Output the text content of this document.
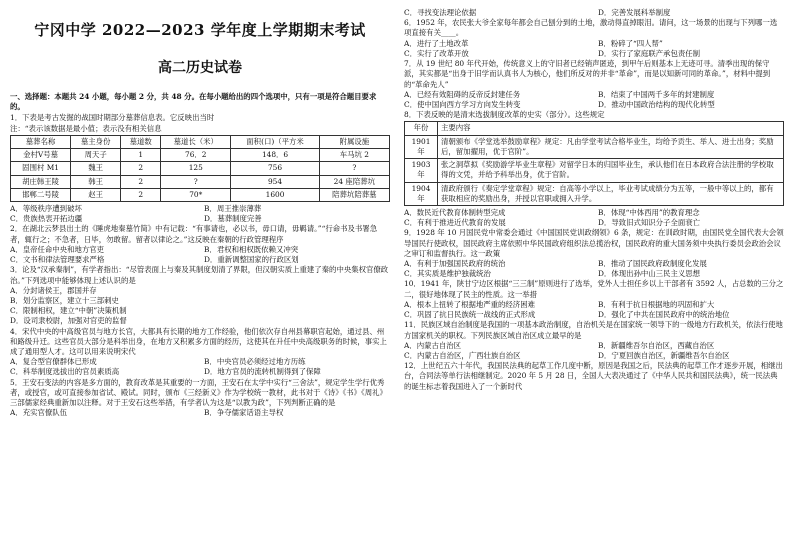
宁冈中学 2022—2023 学年度上学期期末考试
高二历史试卷
一、选择题：本题共 24 小题，每小题 2 分，共 48 分。在每小题给出的四个选项中，只有一项是符合题目要求的。
1．下表是考古发掘的战国时期部分墓葬信息表。它反映出当时
注：“表示该数据是最小值；表示没有相关信息
墓葬名称	墓主身份	墓道数	墓道长（米）	面积(口)（平方米	附属设施
金村Ⅴ号墓	周天子	1	76．2	148．6	车马坑 2
固围村 M1	魏王	2	125	756	?
胡庄韩王陵	韩王	2	?	954	24 座陪葬坑
邯郸二号陵	赵王	2	70*	1600	陪葬坑陪葬墓
A．等级秩序遭到破坏	B．周王推崇薄葬
C．贵族热衷开拓边疆	D．墓葬制度完善
2．在湖北云梦县出土的《睡虎地秦墓竹简》中有记载：“有事请也，必以书，毋口请，毋羁请。”“行命书及书署急者，辄行之；不急者，日毕，勿敢留。留者以律论之。”这反映在秦朝的行政管理程序
A．皇帝任命中央和地方官吏	B．君权和相权既依赖又冲突
C．文书和律法管理要求严格	D．重新调整国家的行政区划
3．论及“汉承秦制”，有学者指出：“尽管表面上与秦及其制度划清了界限，但汉朝实质上重建了秦的中央集权官僚政治。”下列选项中能够体现上述认识的是
A．分封诸侯王，郡国并存
B．划分监察区，建立十三部刺史
C．限制相权，建立“中朝”决策机制
D．设司隶校尉，加强对官吏的监督
4．宋代中央的中高级官员与地方长官，大都具有长期的地方工作经验，他们依次存自州县幕职官起始，通过县、州和路级升迁。这些官员大部分是科举出身，在地方又积累多方面的经历，这使其在升任中央高级职务的时候，事实上成了通用型人才。这可以用来说明宋代
A．复合型官僚群体已形成	B．中央官员必须经过地方历练
C．科举制度选拔出的官员素质高	D．地方官员的流转机制得到了保障
5．王安石变法的内容是多方面的，教育改革是其重要的一方面，王安石在太学中实行“三舍法”，规定学生学行优秀者，或授官，或可直接参加省试、殿试。同时，颁布《三经新义》作为学校统一教材，此书对于《诗》《书》《周礼》三部儒家经典重新加以注释。对于王安石这些举措，有学者认为这是“以教为政”，下列判断正确的是
A．充实官僚队伍	B．争夺儒家话语主导权
C．寻找变法理论依据	D．完善发展科举制度
6．1952 年，农民张大爷全家每年都会自己刨分到的土地，激动得直掉眼泪。请问，这一场景的出现与下列哪一选项直接有关____。
A．进行了土地改革	B．粉碎了“四人帮”
C．实行了改革开放	D．实行了家庭联产承包责任制
7．从 19 世纪 80 年代开始，传统意义上的守旧者已经销声匿迹，到甲午后则基本上无迹可寻。清季出现的保守派，其实都是“出身于旧学而认真书人为核心，他们所反对的并非“革命”，而是以知新可同的革命。”，材料中提到的“革命先人”
A．已经有效阻碍的反帝反封建任务	B．结束了中国两千多年的封建制度
C．使中国向西方学习方向发生转变	D．推动中国政治结构的现代化转型
8．下表反映的是清末选拔制度改革的史实（部分）。这些规定
年份	主要内容
1901 年	清朝颁布《学堂选举鼓励章程》规定：凡由学堂考试合格毕业生，均给予贡生、举人、进士出身；奖励后，留加擢用，优于官阶”。
1903 年	张之洞草拟《奖励游学毕业生章程》对留学日本的归国毕业生，承认他们在日本政府合法注册的学校取得的文凭，并给予科举出身，优于官阶。
1904 年	清政府颁行《奏定学堂章程》规定：自高等小学以上，毕业考试成绩分为五等，一般中等以上的，都有获取相应的奖励出身，并授以官职或拥入升学。
A．数民近代教育体制转型完成	B．体现“中体西用”的教育理念
C．有利于推进近代教育的发展	D．导致旧式知识分子全面衰亡
9．1928 年 10 月国民党中常委会通过《中国国民党训政纲领》6 条，规定：在训政时期，由国民党全国代表大会领导国民行使政权，国民政府主席依照中华民国政府组织法总揽治权，国民政府的重大国务须中央执行委员会政治会议之审订和监督执行。这一政策
A．有利于加强国民政府的统治	B．推动了国民政府政制度化发展
C．其实质是维护独裁统治	D．体现出孙中山三民主义思想
10．1941 年，陕甘宁边区根据“三三制”原则进行了选举，党外人士担任乡以上干部者有 3592 人，占总数的三分之二，很好地体现了民主的性质。这一举措
A．根本上扭转了根据地严重的经济困难	B．有利于抗日根据地的巩固和扩大
C．巩固了抗日民族统一战线的正式形成	D．强化了中共在国民政府中的统治地位
11．民族区域自治制度是我国的一项基本政治制度，自治机关是在国家统一领导下的一级地方行政机关，依法行使地方国家机关的职权。下列民族区域自治区成立最早的是
A．内蒙古自治区	B．新疆维吾尔自治区，西藏自治区
C．内蒙古自治区，广西壮族自治区	D．宁夏回族自治区，新疆维吾尔自治区
12．上世纪五六十年代，我国民法典的起草工作几度中断，原因是我国之后，民法典的起草工作才逐步开展，相继出台，合同法等单行法相继制定。2020 年 5 月 28 日，全国人大表决通过了《中华人民共和国民法典》，统一民法典的诞生标志着我国进入了一个新时代
